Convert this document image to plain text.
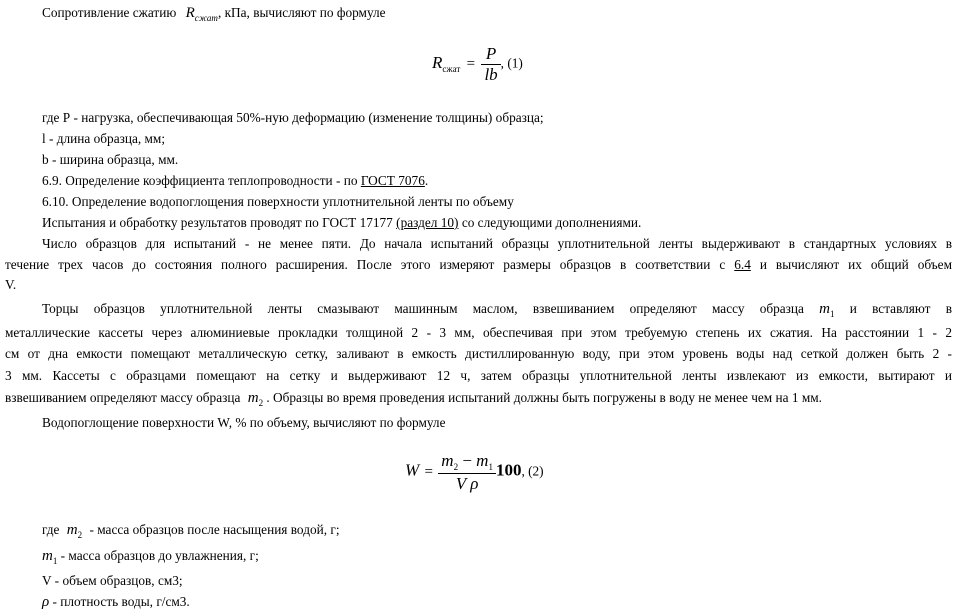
Сопротивление сжатию $R_{сжат}$, кПа, вычисляют по формуле
$R_{сжат} = \frac{P}{lb}$ , (1)
где Р - нагрузка, обеспечивающая 50%-ную деформацию (изменение толщины) образца;
l - длина образца, мм;
b - ширина образца, мм.
6.9. Определение коэффициента теплопроводности - по ГОСТ 7076.
6.10. Определение водопоглощения поверхности уплотнительной ленты по объему
Испытания и обработку результатов проводят по ГОСТ 17177 (раздел 10) со следующими дополнениями.
Число образцов для испытаний - не менее пяти. До начала испытаний образцы уплотнительной ленты выдерживают в стандартных условиях в
течение трех часов до состояния полного расширения. После этого измеряют размеры образцов в соответствии с 6.4 и вычисляют их общий объем
V.
Торцы образцов уплотнительной ленты смазывают машинным маслом, взвешиванием определяют массу образца $m_1$ и вставляют в
металлические кассеты через алюминиевые прокладки толщиной 2 - 3 мм, обеспечивая при этом требуемую степень их сжатия. На расстоянии 1 - 2
см от дна емкости помещают металлическую сетку, заливают в емкость дистиллированную воду, при этом уровень воды над сеткой должен быть 2 -
3 мм. Кассеты с образцами помещают на сетку и выдерживают 12 ч, затем образцы уплотнительной ленты извлекают из емкости, вытирают и
взвешиванием определяют массу образца $m_2$ . Образцы во время проведения испытаний должны быть погружены в воду не менее чем на 1 мм.
Водопоглощение поверхности W, % по объему, вычисляют по формуле
$W = \frac{m_2 - m_1}{\text{V ρ}} 100$, (2)
где $m_2$ - масса образцов после насыщения водой, г;
$m_1$ - масса образцов до увлажнения, г;
V - объем образцов, см3;
ρ - плотность воды, г/см3.
